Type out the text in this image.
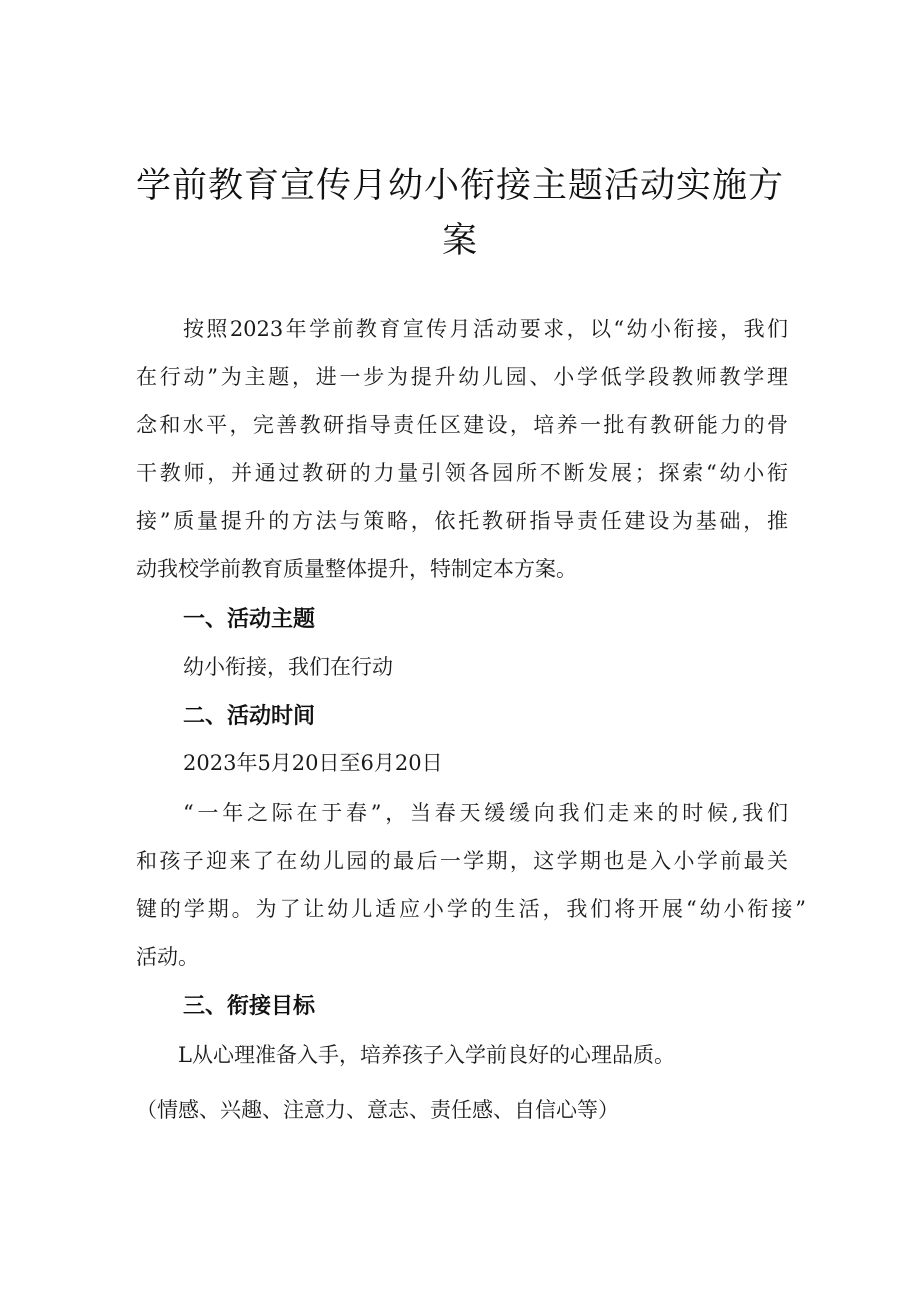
学前教育宣传月幼小衔接主题活动实施方
案

按照2023年学前教育宣传月活动要求，以“幼小衔接，我们

在行动”为主题，进一步为提升幼儿园、小学低学段教师教学理

念和水平，完善教研指导责任区建设，培养一批有教研能力的骨

干教师，并通过教研的力量引领各园所不断发展；探索“幼小衔

接”质量提升的方法与策略，依托教研指导责任建设为基础，推

动我校学前教育质量整体提升，特制定本方案。

一、活动主题

幼小衔接，我们在行动

二、活动时间

2023年5月20日至6月20日

“一年之际在于春”，当春天缓缓向我们走来的时候,我们

和孩子迎来了在幼儿园的最后一学期，这学期也是入小学前最关

键的学期。为了让幼儿适应小学的生活，我们将开展“幼小衔接”

活动。

三、衔接目标

L从心理准备入手，培养孩子入学前良好的心理品质。

（情感、兴趣、注意力、意志、责任感、自信心等）
